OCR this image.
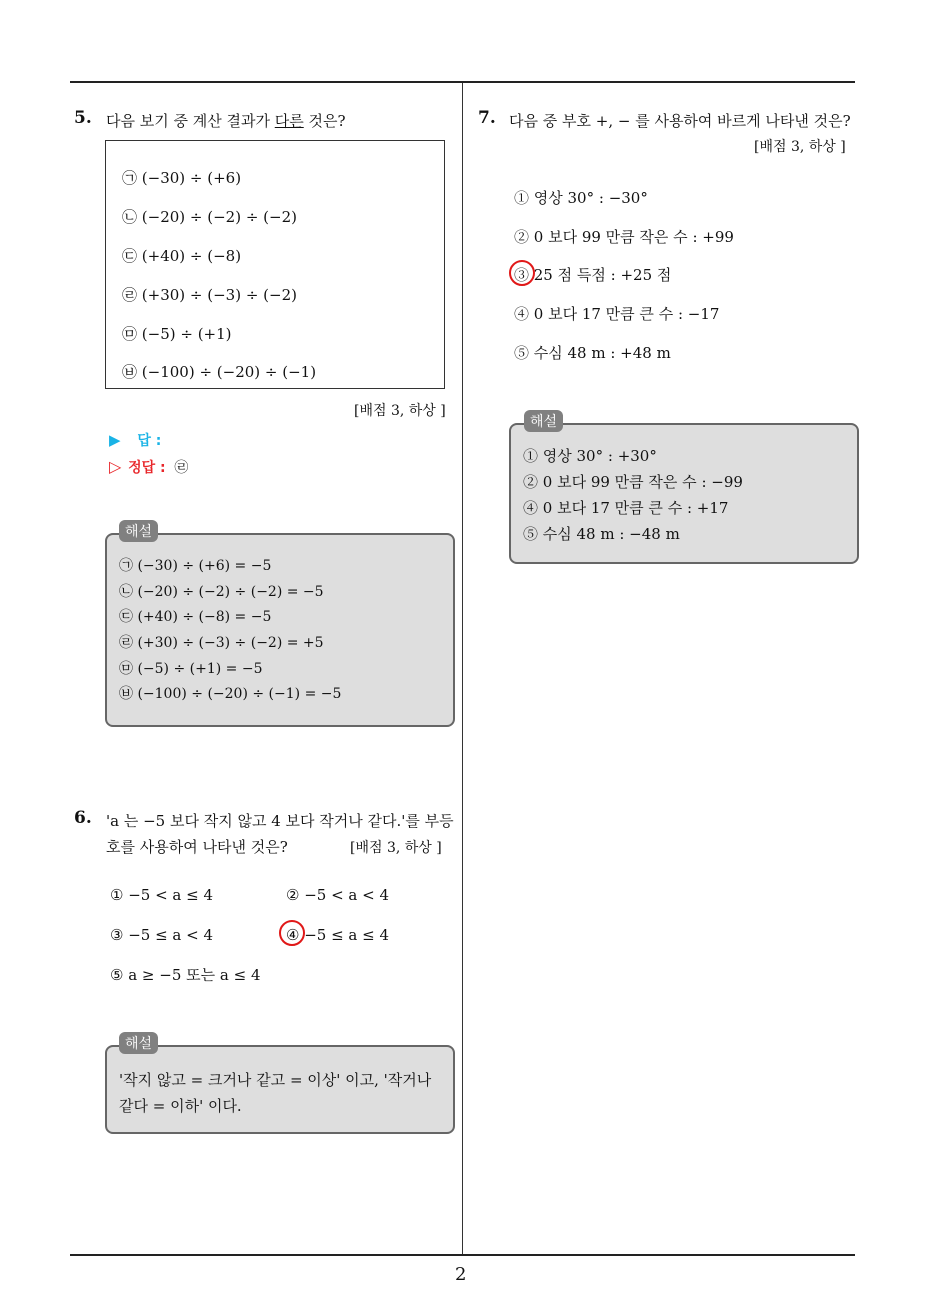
2
5. 다음 보기 중 계산 결과가 다른 것은?
㉠ (−30) ÷ (+6)
㉡ (−20) ÷ (−2) ÷ (−2)
㉢ (+40) ÷ (−8)
㉣ (+30) ÷ (−3) ÷ (−2)
㉤ (−5) ÷ (+1)
㉥ (−100) ÷ (−20) ÷ (−1)
[배점 3, 하상 ]
▶ 답 :
▷ 정답 : ㉣
㉠ (−30) ÷ (+6) = −5
㉡ (−20) ÷ (−2) ÷ (−2) = −5
㉢ (+40) ÷ (−8) = −5
㉣ (+30) ÷ (−3) ÷ (−2) = +5
㉤ (−5) ÷ (+1) = −5
㉥ (−100) ÷ (−20) ÷ (−1) = −5
해설
6. 'a 는 −5 보다 작지 않고 4 보다 작거나 같다.'를 부등
호를 사용하여 나타낸 것은?	[배점 3, 하상 ]
① −5 < a ≤ 4	② −5 < a < 4
③ −5 ≤ a < 4	④ −5 ≤ a ≤ 4
⑤ a ≥ −5 또는 a ≤ 4
'작지 않고 = 크거나 같고 = 이상' 이고, '작거나
같다 = 이하' 이다.
해설
7. 다음 중 부호 +, − 를 사용하여 바르게 나타낸 것은?
[배점 3, 하상 ]
① 영상 30° : −30°
② 0 보다 99 만큼 작은 수 : +99
③ 25 점 득점 : +25 점
④ 0 보다 17 만큼 큰 수 : −17
⑤ 수심 48 m : +48 m
① 영상 30° : +30°
② 0 보다 99 만큼 작은 수 : −99
④ 0 보다 17 만큼 큰 수 : +17
⑤ 수심 48 m : −48 m
해설
